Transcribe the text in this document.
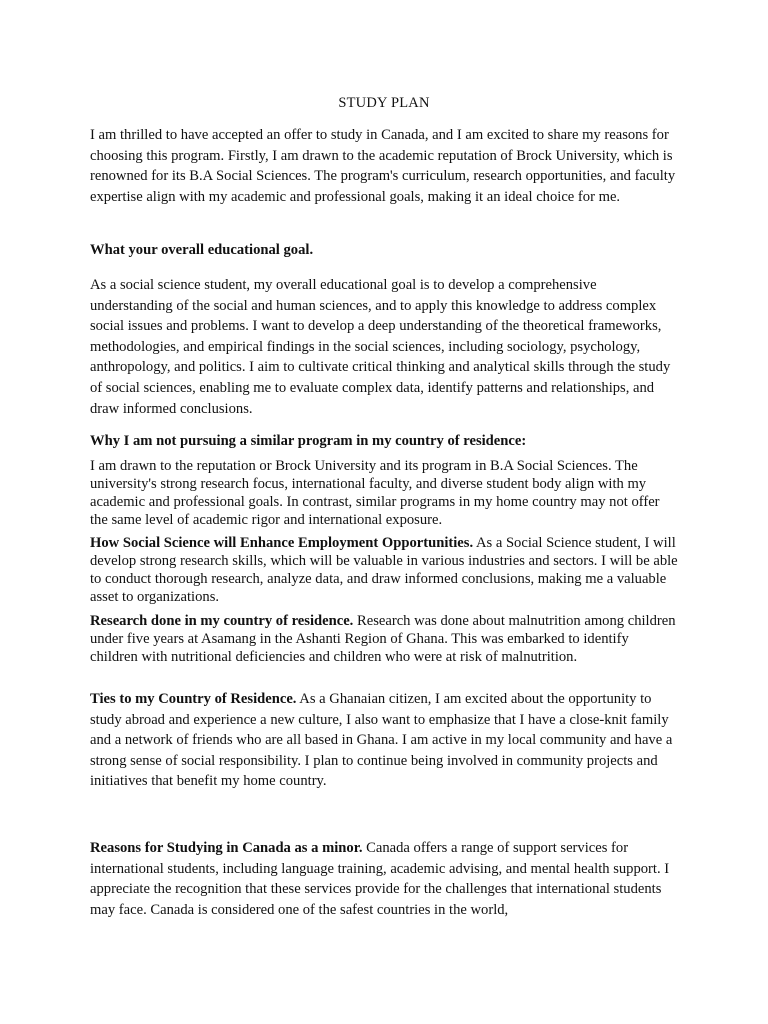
STUDY PLAN

I am thrilled to have accepted an offer to study in Canada, and I am excited to share my reasons for choosing this program. Firstly, I am drawn to the academic reputation of Brock University, which is renowned for its B.A Social Sciences. The program's curriculum, research opportunities, and faculty expertise align with my academic and professional goals, making it an ideal choice for me.

What your overall educational goal.

As a social science student, my overall educational goal is to develop a comprehensive understanding of the social and human sciences, and to apply this knowledge to address complex social issues and problems. I want to develop a deep understanding of the theoretical frameworks, methodologies, and empirical findings in the social sciences, including sociology, psychology, anthropology, and politics. I aim to cultivate critical thinking and analytical skills through the study of social sciences, enabling me to evaluate complex data, identify patterns and relationships, and draw informed conclusions.

Why I am not pursuing a similar program in my country of residence:

I am drawn to the reputation or Brock University and its program in B.A Social Sciences. The university's strong research focus, international faculty, and diverse student body align with my academic and professional goals. In contrast, similar programs in my home country may not offer the same level of academic rigor and international exposure.

How Social Science will Enhance Employment Opportunities. As a Social Science student, I will develop strong research skills, which will be valuable in various industries and sectors. I will be able to conduct thorough research, analyze data, and draw informed conclusions, making me a valuable asset to organizations.

Research done in my country of residence. Research was done about malnutrition among children under five years at Asamang in the Ashanti Region of Ghana. This was embarked to identify children with nutritional deficiencies and children who were at risk of malnutrition.

Ties to my Country of Residence. As a Ghanaian citizen, I am excited about the opportunity to study abroad and experience a new culture, I also want to emphasize that I have a close-knit family and a network of friends who are all based in Ghana. I am active in my local community and have a strong sense of social responsibility. I plan to continue being involved in community projects and initiatives that benefit my home country.

Reasons for Studying in Canada as a minor. Canada offers a range of support services for international students, including language training, academic advising, and mental health support. I appreciate the recognition that these services provide for the challenges that international students may face. Canada is considered one of the safest countries in the world,
